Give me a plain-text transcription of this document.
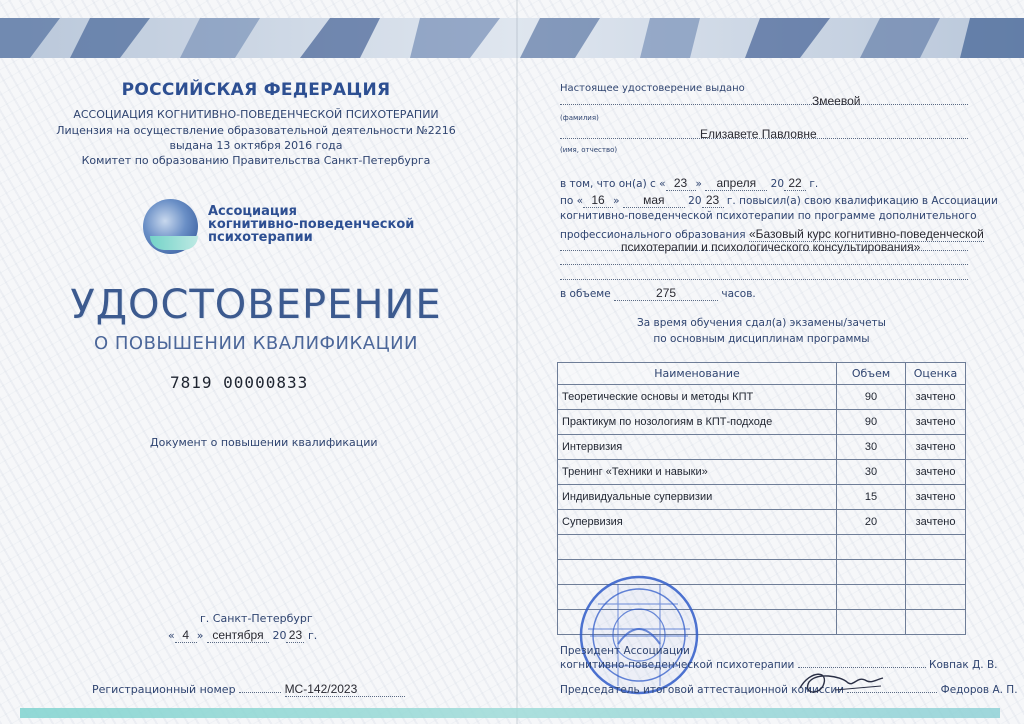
РОССИЙСКАЯ ФЕДЕРАЦИЯ
АССОЦИАЦИЯ КОГНИТИВНО-ПОВЕДЕНЧЕСКОЙ ПСИХОТЕРАПИИ
Лицензия на осуществление образовательной деятельности №2216
выдана 13 октября 2016 года
Комитет по образованию Правительства Санкт-Петербурга
Ассоциация
когнитивно-поведенческой
психотерапии
УДОСТОВЕРЕНИЕ
О ПОВЫШЕНИИ КВАЛИФИКАЦИИ
7819 00000833
Документ о повышении квалификации
г. Санкт-Петербург
« 4 » сентября 20 23 г.
Регистрационный номер	МС-142/2023
Настоящее удостоверение выдано
Змеевой
(фамилия)
Елизавете Павловне
(имя, отчество)
в том, что он(а) с « 23 » апреля 20 22 г.
по « 16 » мая 20 23 г. повысил(а) свою квалификацию в Ассоциации
когнитивно-поведенческой психотерапии по программе дополнительного
профессионального образования «Базовый курс когнитивно-поведенческой
психотерапии и психологического консультирования»
в объеме	275	часов.
За время обучения сдал(а) экзамены/зачеты
по основным дисциплинам программы
Наименование	Объем	Оценка
Теоретические основы и методы КПТ	90	зачтено
Практикум по нозологиям в КПТ-подходе	90	зачтено
Интервизия	30	зачтено
Тренинг «Техники и навыки»	30	зачтено
Индивидуальные супервизии	15	зачтено
Супервизия	20	зачтено

Президент Ассоциации
когнитивно-поведенческой психотерапии	Ковпак Д. В.
Председатель итоговой аттестационной комиссии	Федоров А. П.
